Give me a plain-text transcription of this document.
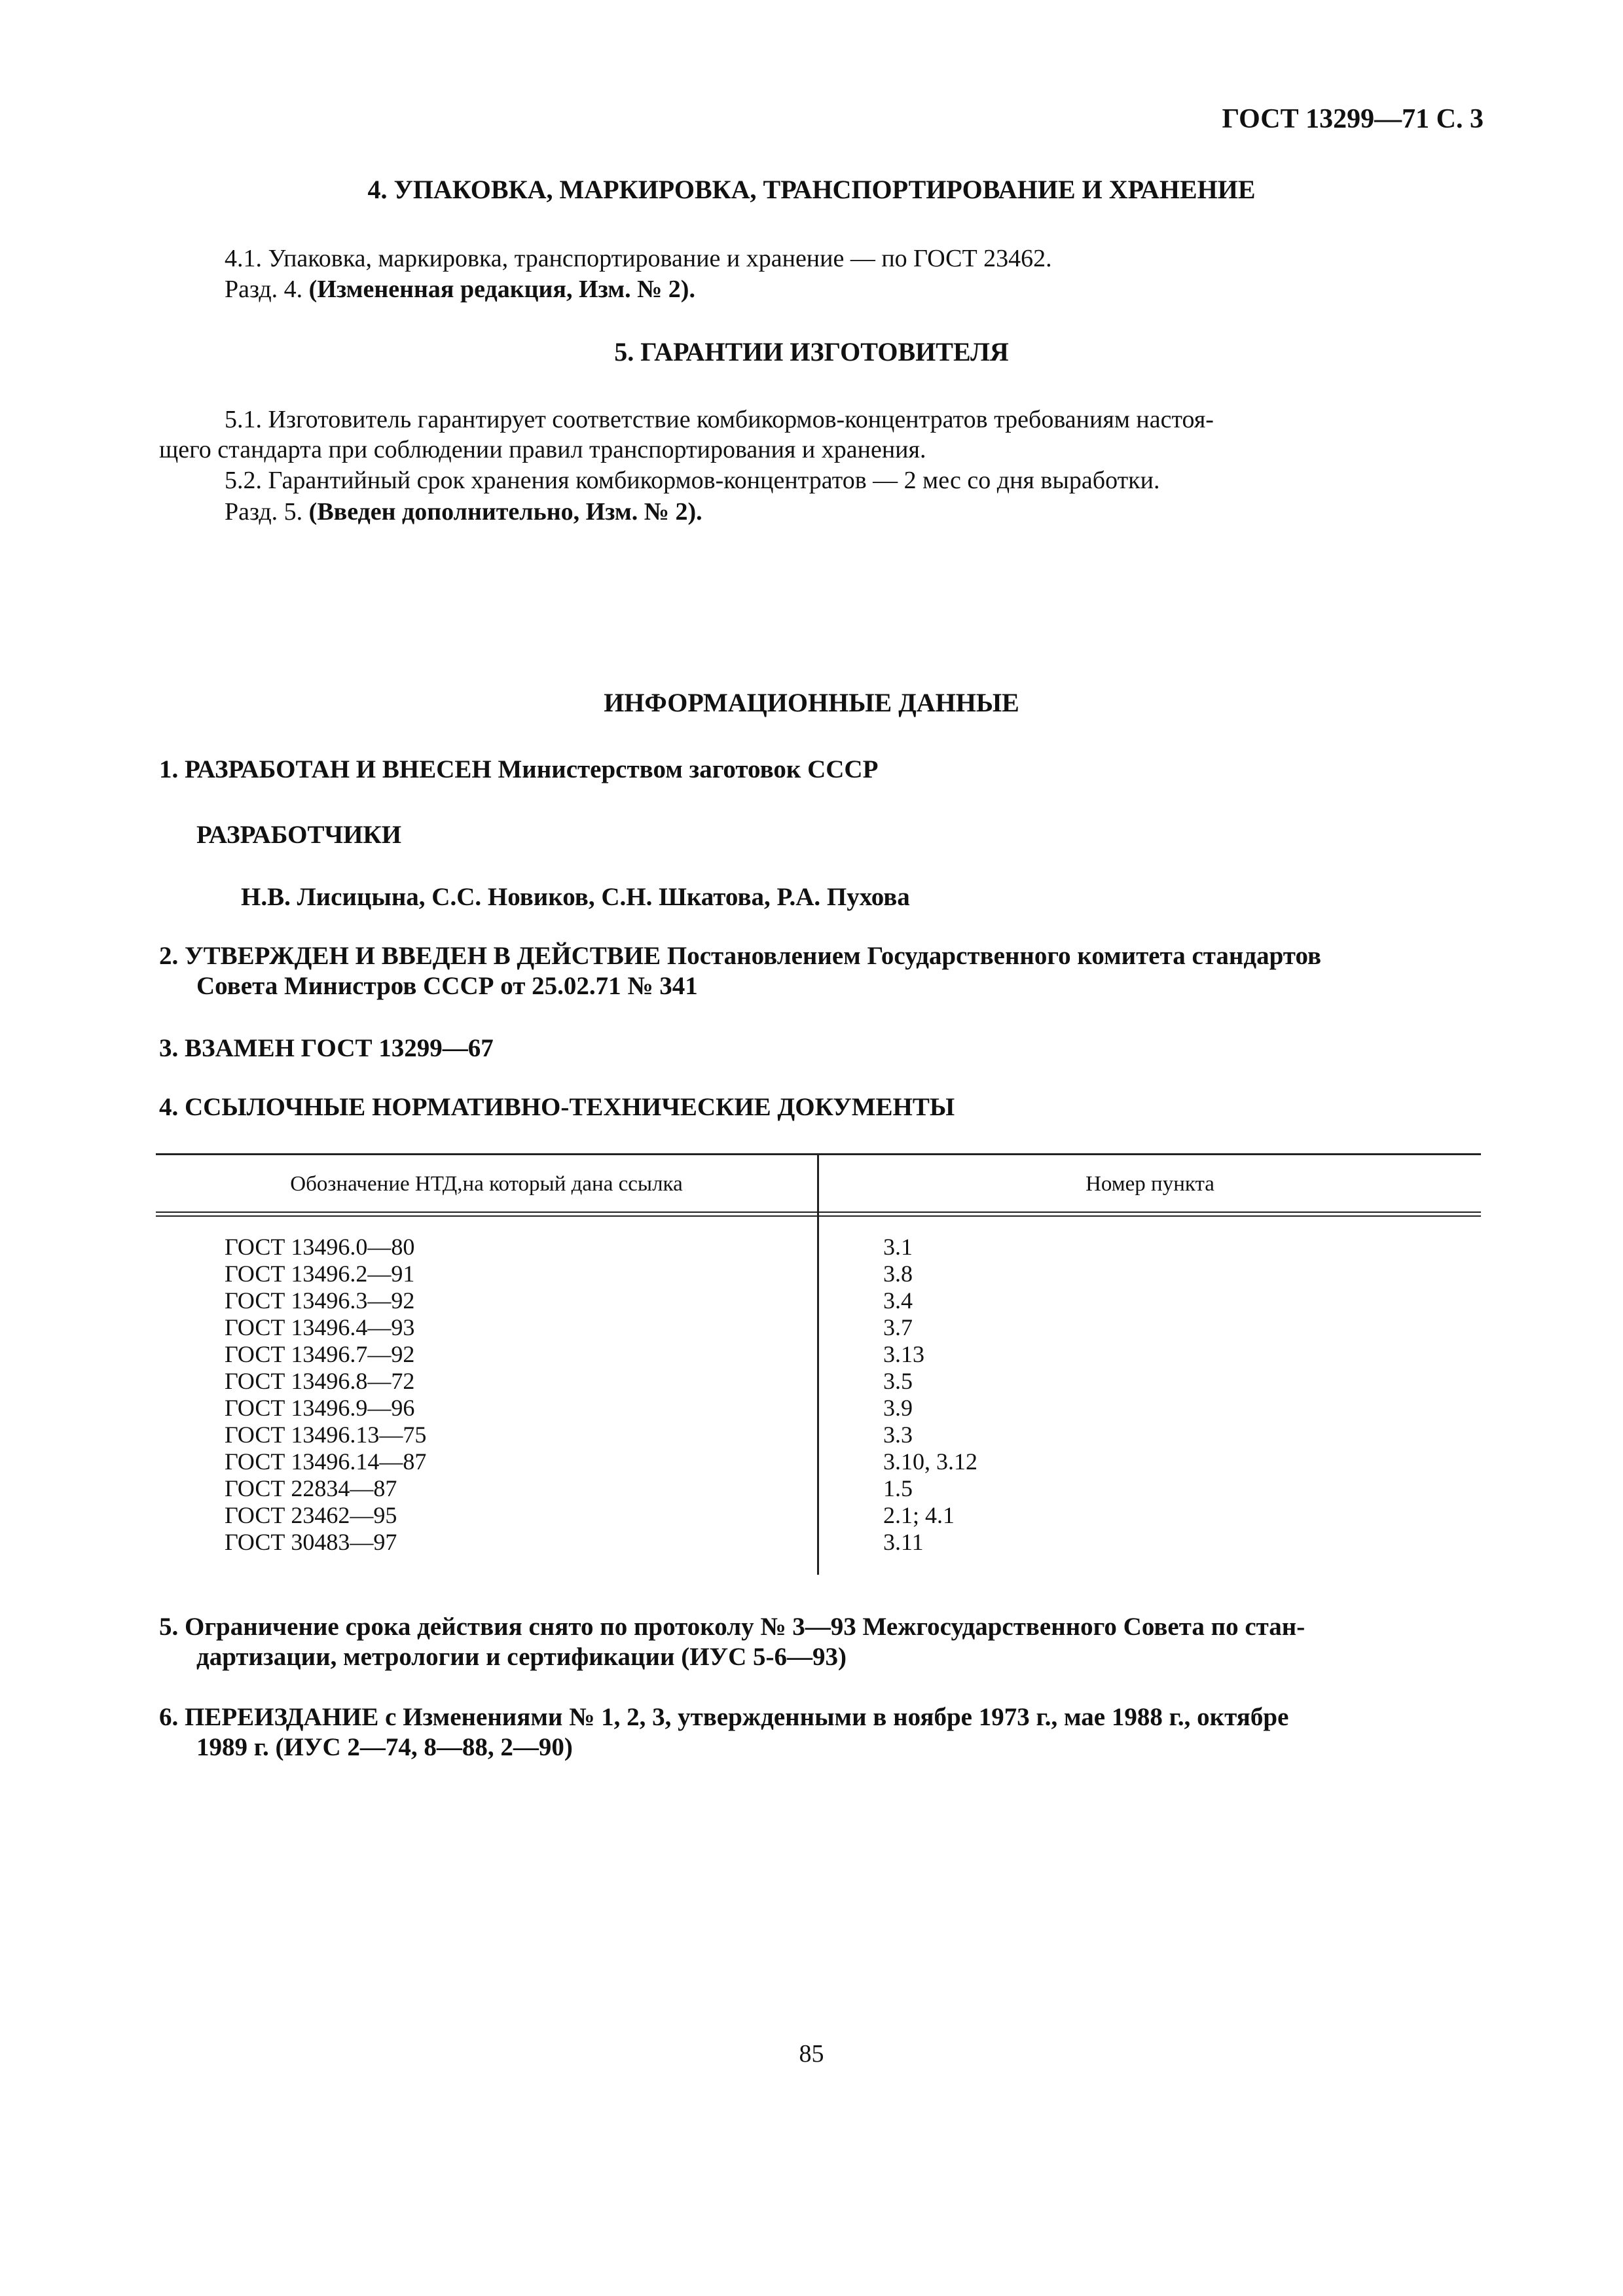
ГОСТ 13299—71 С. 3
4. УПАКОВКА, МАРКИРОВКА, ТРАНСПОРТИРОВАНИЕ И ХРАНЕНИЕ
4.1. Упаковка, маркировка, транспортирование и хранение — по ГОСТ 23462.
Разд. 4. (Измененная редакция, Изм. № 2).
5. ГАРАНТИИ ИЗГОТОВИТЕЛЯ
5.1. Изготовитель гарантирует соответствие комбикормов-концентратов требованиям настоя-
щего стандарта при соблюдении правил транспортирования и хранения.
5.2. Гарантийный срок хранения комбикормов-концентратов — 2 мес со дня выработки.
Разд. 5. (Введен дополнительно, Изм. № 2).
ИНФОРМАЦИОННЫЕ ДАННЫЕ
1. РАЗРАБОТАН И ВНЕСЕН Министерством заготовок СССР
РАЗРАБОТЧИКИ
Н.В. Лисицына, С.С. Новиков, С.Н. Шкатова, Р.А. Пухова
2. УТВЕРЖДЕН И ВВЕДЕН В ДЕЙСТВИЕ Постановлением Государственного комитета стандартов
Совета Министров СССР от 25.02.71 № 341
3. ВЗАМЕН ГОСТ 13299—67
4. ССЫЛОЧНЫЕ НОРМАТИВНО-ТЕХНИЧЕСКИЕ ДОКУМЕНТЫ
Обозначение НТД,на который дана ссылка	Номер пункта
ГОСТ 13496.0—80
ГОСТ 13496.2—91
ГОСТ 13496.3—92
ГОСТ 13496.4—93
ГОСТ 13496.7—92
ГОСТ 13496.8—72
ГОСТ 13496.9—96
ГОСТ 13496.13—75
ГОСТ 13496.14—87
ГОСТ 22834—87
ГОСТ 23462—95
ГОСТ 30483—97
3.1
3.8
3.4
3.7
3.13
3.5
3.9
3.3
3.10, 3.12
1.5
2.1; 4.1
3.11
5. Ограничение срока действия снято по протоколу № 3—93 Межгосударственного Совета по стан-
дартизации, метрологии и сертификации (ИУС 5-6—93)
6. ПЕРЕИЗДАНИЕ с Изменениями № 1, 2, 3, утвержденными в ноябре 1973 г., мае 1988 г., октябре
1989 г. (ИУС 2—74, 8—88, 2—90)
85
